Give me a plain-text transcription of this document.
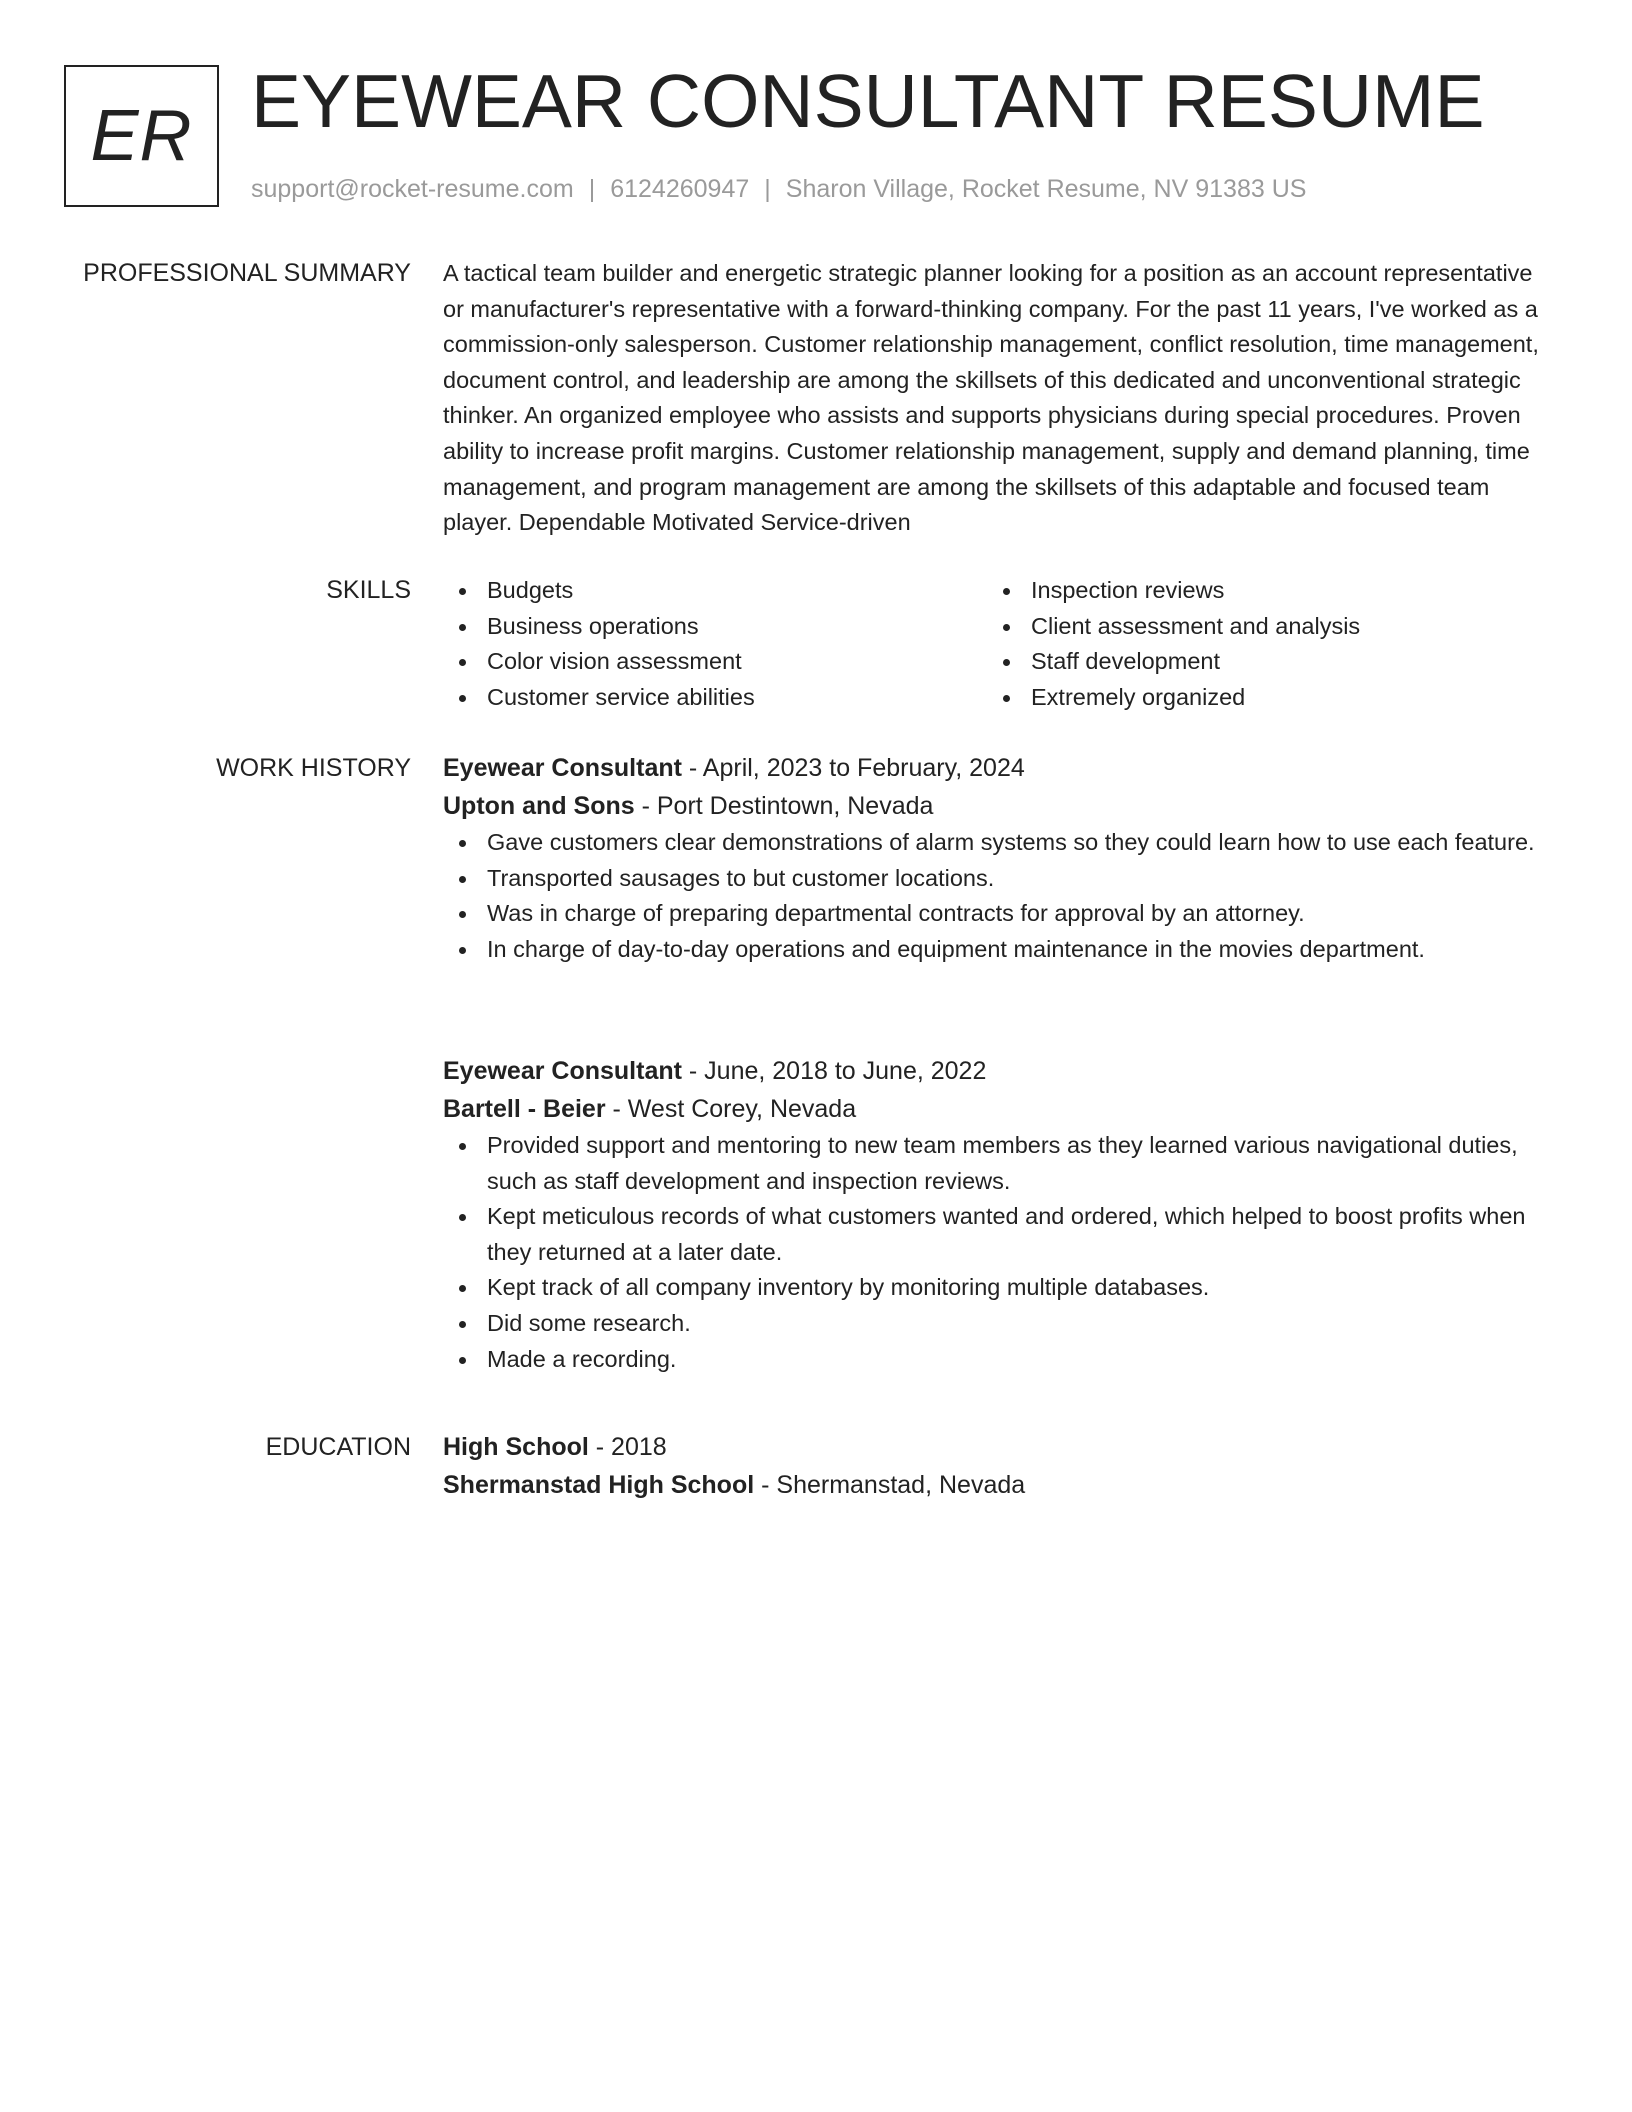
ER EYEWEAR CONSULTANT RESUME
support@rocket-resume.com | 6124260947 | Sharon Village, Rocket Resume, NV 91383 US
PROFESSIONAL SUMMARY A tactical team builder and energetic strategic planner looking for a position as an account representative or manufacturer's representative with a forward-thinking company. For the past 11 years, I've worked as a commission-only salesperson. Customer relationship management, conflict resolution, time management, document control, and leadership are among the skillsets of this dedicated and unconventional strategic thinker. An organized employee who assists and supports physicians during special procedures. Proven ability to increase profit margins. Customer relationship management, supply and demand planning, time management, and program management are among the skillsets of this adaptable and focused team player. Dependable Motivated Service-driven

SKILLS	Budgets
Business operations
Color vision assessment
Customer service abilities
Inspection reviews
Client assessment and analysis
Staff development
Extremely organized
WORK HISTORY Eyewear Consultant - April, 2023 to February, 2024
Upton and Sons - Port Destintown, Nevada
Gave customers clear demonstrations of alarm systems so they could learn how to use each feature.
Transported sausages to but customer locations.
Was in charge of preparing departmental contracts for approval by an attorney.
In charge of day-to-day operations and equipment maintenance in the movies department.
Eyewear Consultant - June, 2018 to June, 2022
Bartell - Beier - West Corey, Nevada
Provided support and mentoring to new team members as they learned various navigational duties, such as staff development and inspection reviews.
Kept meticulous records of what customers wanted and ordered, which helped to boost profits when they returned at a later date.
Kept track of all company inventory by monitoring multiple databases.
Did some research.
Made a recording.
EDUCATION High School - 2018
Shermanstad High School - Shermanstad, Nevada
